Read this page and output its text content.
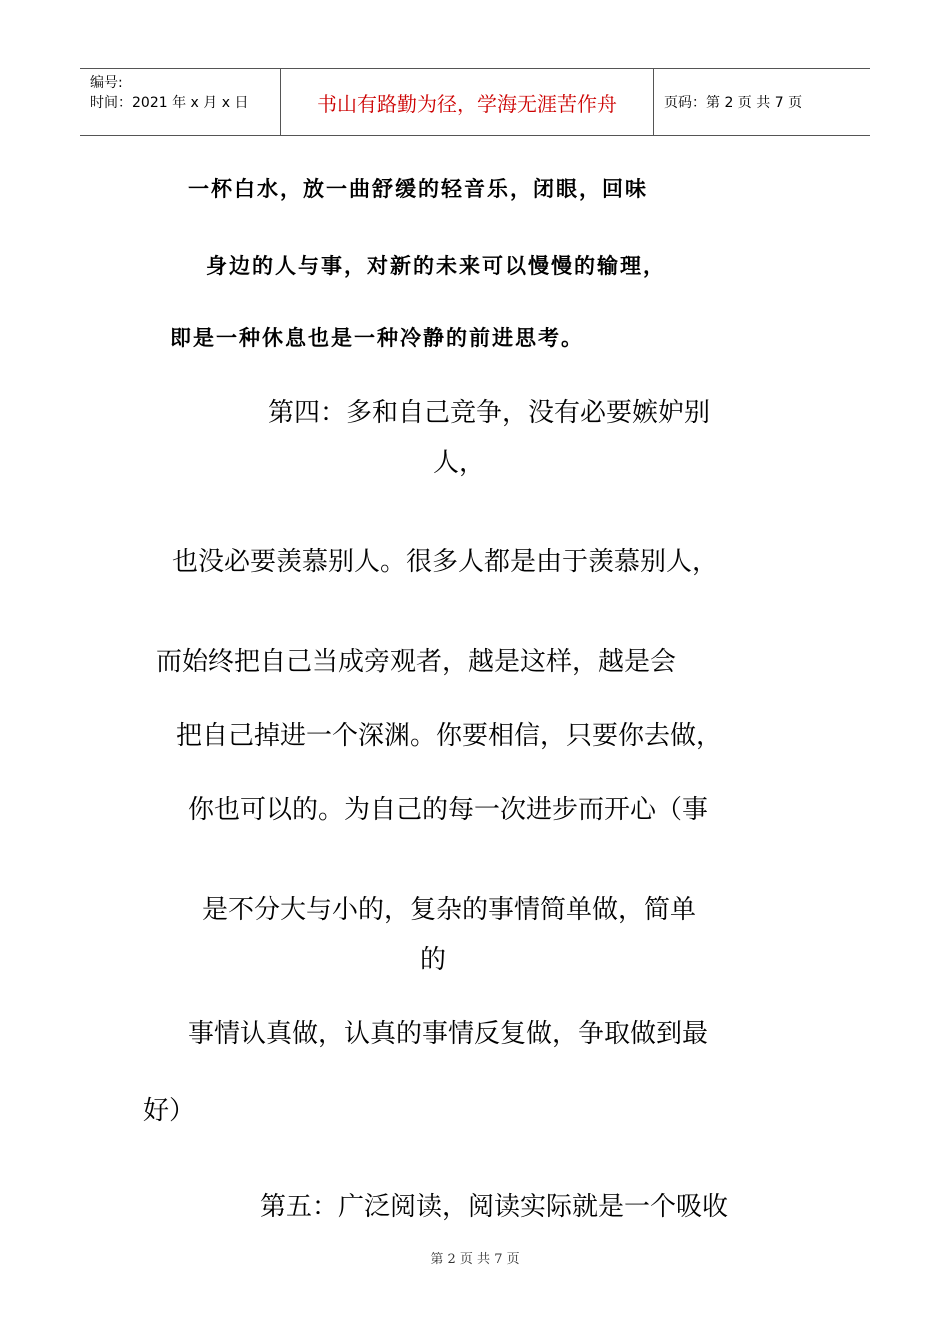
编号:
时间：2021 年 x 月 x 日	书山有路勤为径，学海无涯苦作舟	页码：第 2 页 共 7 页
一杯白水，放一曲舒缓的轻音乐，闭眼，回味
身边的人与事，对新的未来可以慢慢的输理，
即是一种休息也是一种冷静的前进思考。
第四：多和自己竞争，没有必要嫉妒别
人，
也没必要羡慕别人。很多人都是由于羡慕别人，
而始终把自己当成旁观者，越是这样，越是会
把自己掉进一个深渊。你要相信，只要你去做，
你也可以的。为自己的每一次进步而开心（事
是不分大与小的，复杂的事情简单做，简单
的
事情认真做，认真的事情反复做，争取做到最
好）
第五：广泛阅读，阅读实际就是一个吸收
第 2 页 共 7 页
